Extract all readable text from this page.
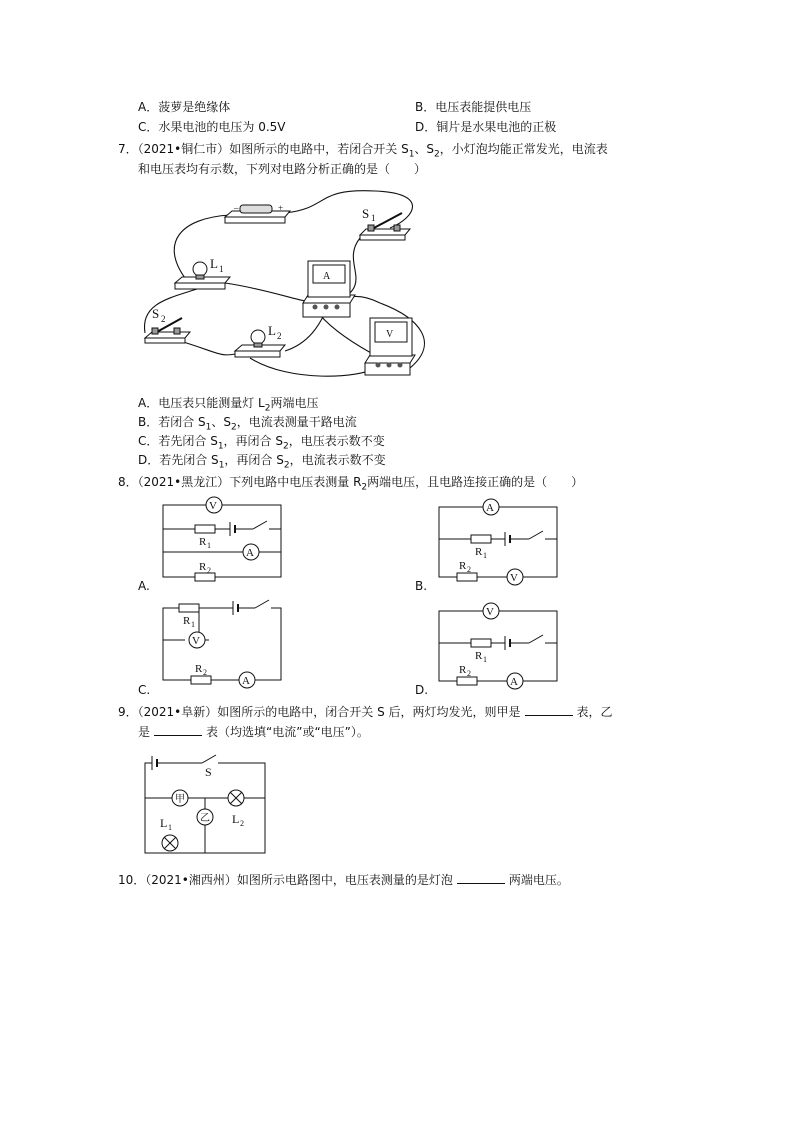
A．菠萝是绝缘体	B．电压表能提供电压
C．水果电池的电压为 0.5V	D．铜片是水果电池的正极
7．（2021•铜仁市）如图所示的电路中，若闭合开关 $S_1$、$S_2$，小灯泡均能正常发光，电流表
和电压表均有示数，下列对电路分析正确的是（　　）
–	+	S 1
L 1
A
S 2
L 2	V
A．电压表只能测量灯 $L_2$两端电压
B．若闭合 $S_1$、$S_2$，电流表测量干路电流
C．若先闭合 $S_1$，再闭合 $S_2$，电压表示数不变
D．若先闭合 $S_1$，再闭合 $S_2$，电流表示数不变
8．（2021•黑龙江）下列电路中电压表测量 $R_2$两端电压，且电路连接正确的是（　　）
V
R 1
A
R 2
A.
A
R 1
R 2
V
B.
R 1
V
R 2
A
C.
V
R 1
R 2
A
D.
9．（2021•阜新）如图所示的电路中，闭合开关 S 后，两灯均发光，则甲是	表，乙
是	表（均选填“电流”或“电压”）。
S
甲
乙 L 2
L 1
10．（2021•湘西州）如图所示电路图中，电压表测量的是灯泡	两端电压。
